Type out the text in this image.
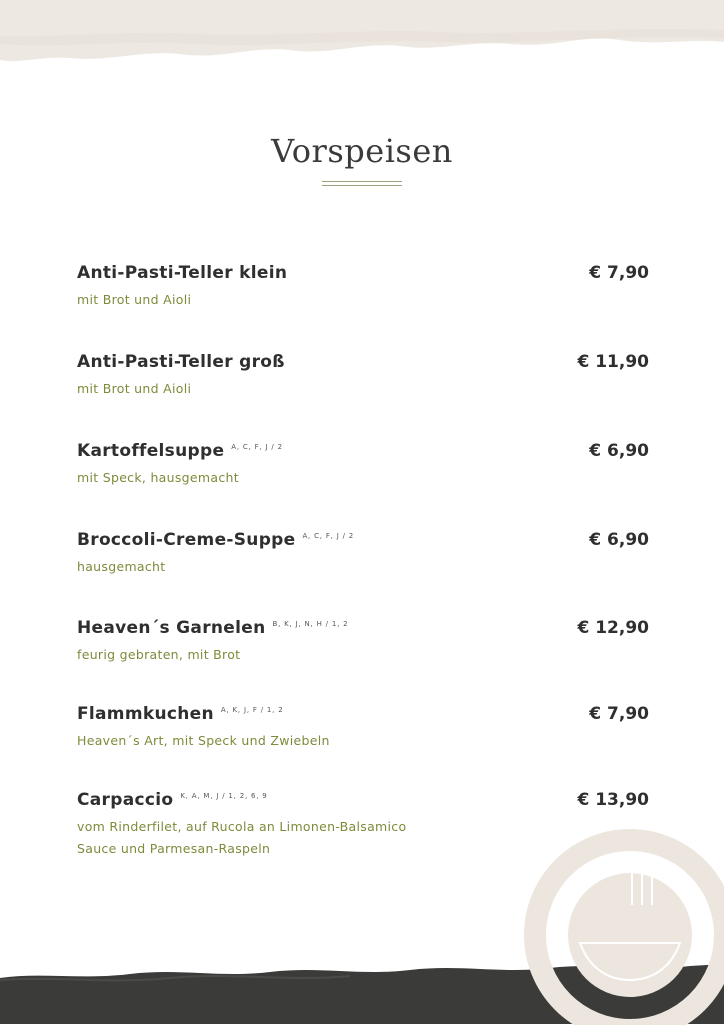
Vorspeisen
Anti-Pasti-Teller klein	€ 7,90
mit Brot und Aioli
Anti-Pasti-Teller groß	€ 11,90
mit Brot und Aioli
Kartoffelsuppe A, C, F, J / 2	€ 6,90
mit Speck, hausgemacht
Broccoli-Creme-Suppe A, C, F, J / 2	€ 6,90
hausgemacht
Heaven´s Garnelen B, K, J, N, H / 1, 2	€ 12,90
feurig gebraten, mit Brot
Flammkuchen A, K, J, F / 1, 2	€ 7,90
Heaven´s Art, mit Speck und Zwiebeln
Carpaccio K, A, M, J / 1, 2, 6, 9	€ 13,90
vom Rinderfilet, auf Rucola an Limonen-Balsamico
Sauce und Parmesan-Raspeln
